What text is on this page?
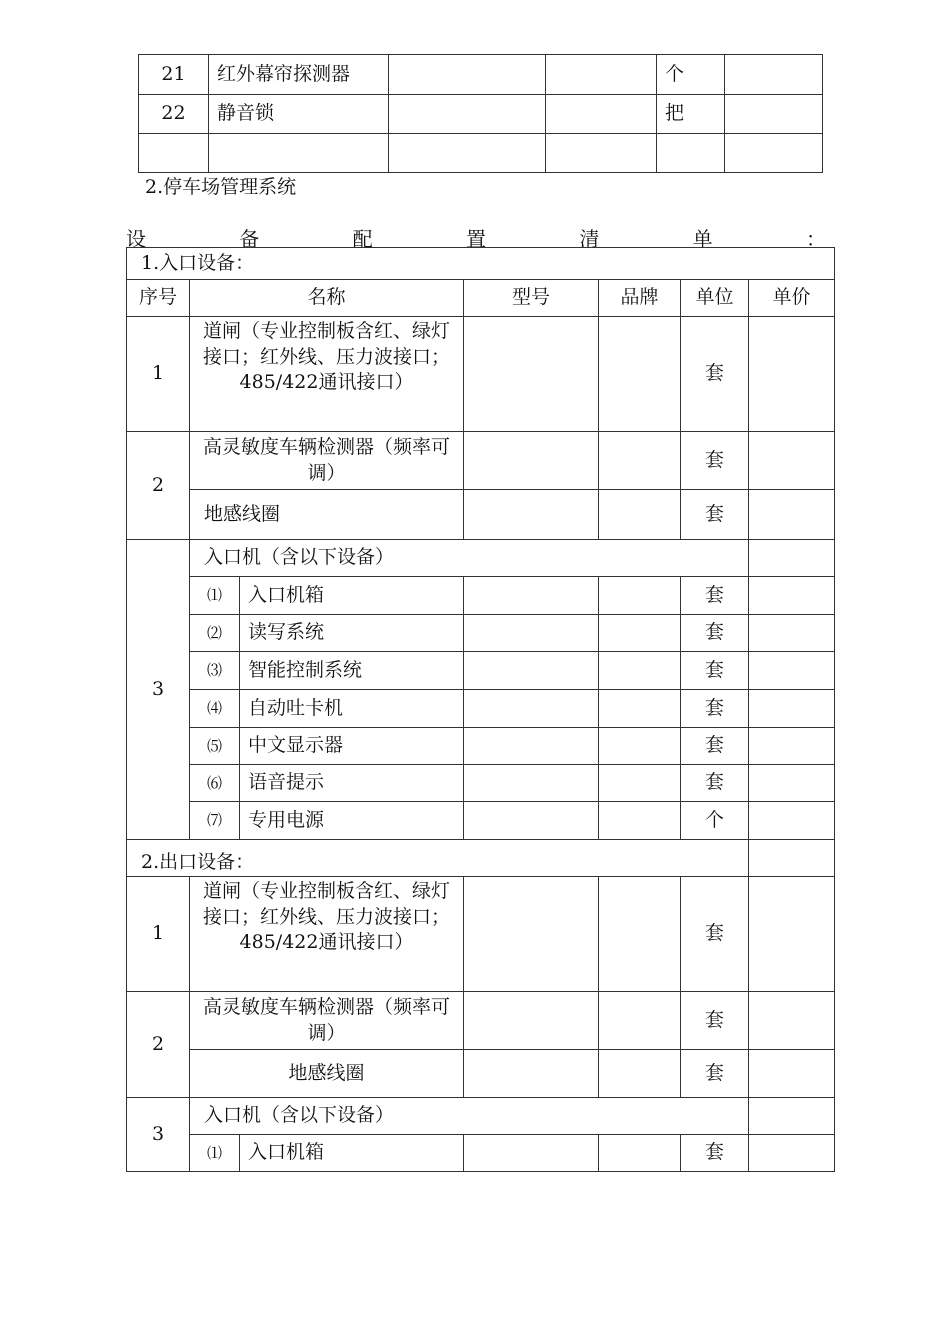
21	红外幕帘探测器			个	
22	静音锁			把	

2.停车场管理系统
设	备	配	置	清	单	：
1.入口设备：						
序号	名称		型号	品牌	单位	单价
1	道闸（专业控制板含红、绿灯接口；红外线、压力波接口；485/422通讯接口）				套	
2	高灵敏度车辆检测器（频率可调）				套	
	地感线圈				套	
3	入口机（含以下设备）					
	⑴	入口机箱			套	
	⑵	读写系统			套	
	⑶	智能控制系统			套	
	⑷	自动吐卡机			套	
	⑸	中文显示器			套	
	⑹	语音提示			套	
	⑺	专用电源			个	
2.出口设备：						
1	道闸（专业控制板含红、绿灯接口；红外线、压力波接口；485/422通讯接口）				套	
2	高灵敏度车辆检测器（频率可调）				套	
	地感线圈				套	
3	入口机（含以下设备）					
	⑴	入口机箱			套	
